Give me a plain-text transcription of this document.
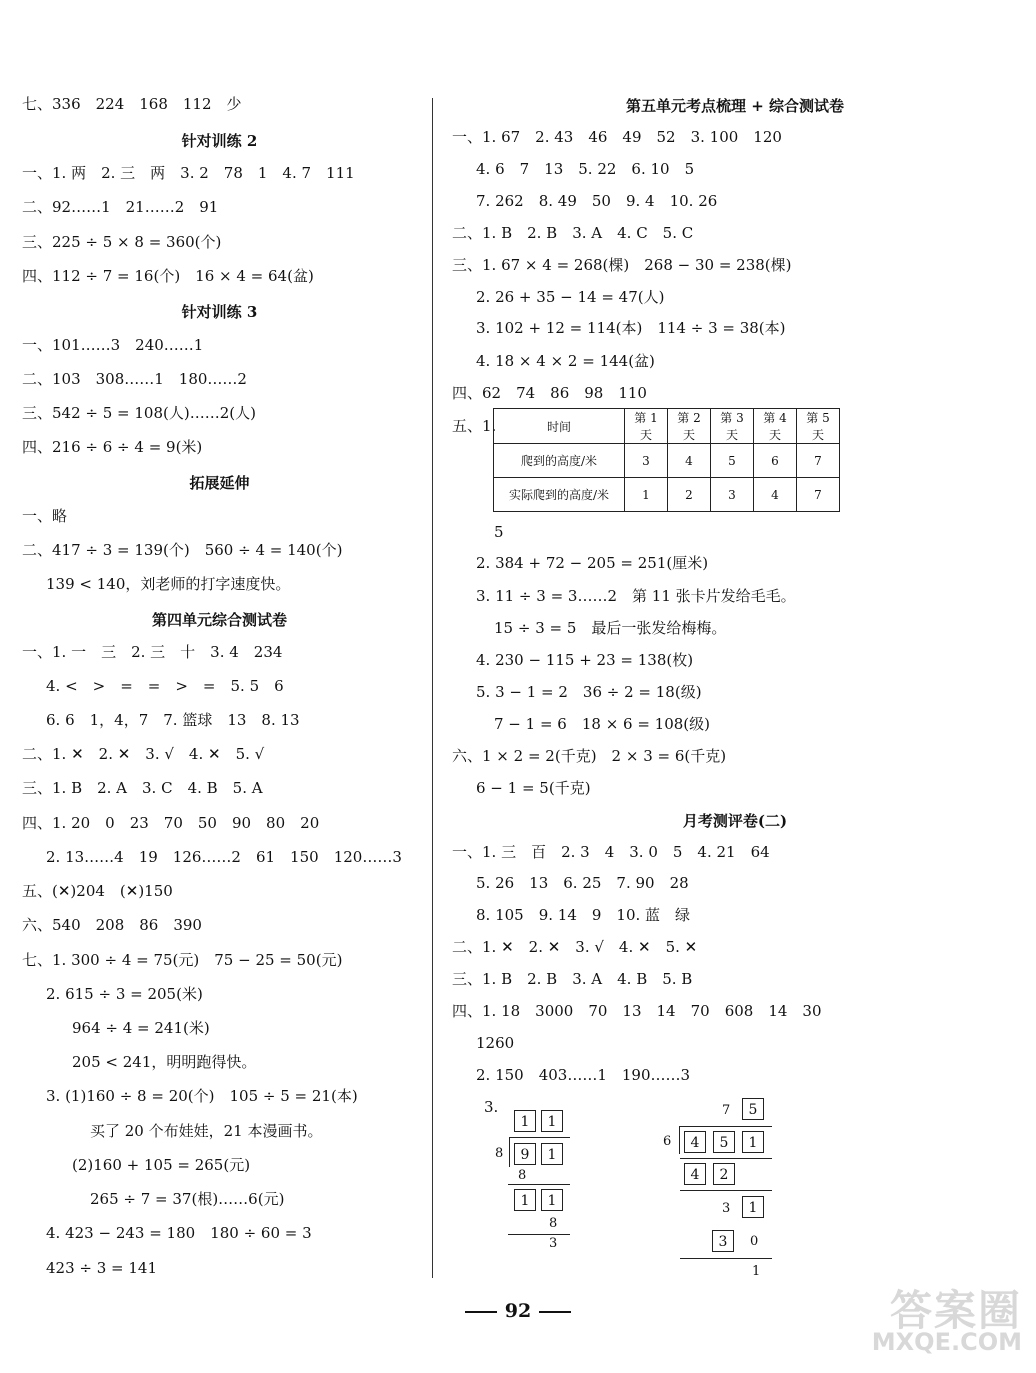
七、336　224　168　112　少
针对训练 2
一、1. 两　2. 三　两　3. 2　78　1　4. 7　111
二、92……1　21……2　91
三、225 ÷ 5 × 8 = 360(个)
四、112 ÷ 7 = 16(个)　16 × 4 = 64(盆)
针对训练 3
一、101……3　240……1
二、103　308……1　180……2
三、542 ÷ 5 = 108(人)……2(人)
四、216 ÷ 6 ÷ 4 = 9(米)
拓展延伸
一、略
二、417 ÷ 3 = 139(个)　560 ÷ 4 = 140(个)
139 < 140，刘老师的打字速度快。
第四单元综合测试卷
一、1. 一　三　2. 三　十　3. 4　234
4. <　>　=　=　>　=　5. 5　6
6. 6　1，4，7　7. 篮球　13　8. 13
二、1. ✕　2. ✕　3. √　4. ✕　5. √
三、1. B　2. A　3. C　4. B　5. A
四、1. 20　0　23　70　50　90　80　20
2. 13……4　19　126……2　61　150　120……3
五、(✕)204　(✕)150
六、540　208　86　390
七、1. 300 ÷ 4 = 75(元)　75 − 25 = 50(元)
2. 615 ÷ 3 = 205(米)
964 ÷ 4 = 241(米)
205 < 241，明明跑得快。
3. (1)160 ÷ 8 = 20(个)　105 ÷ 5 = 21(本)
买了 20 个布娃娃，21 本漫画书。
(2)160 + 105 = 265(元)
265 ÷ 7 = 37(根)……6(元)
4. 423 − 243 = 180　180 ÷ 60 = 3
423 ÷ 3 = 141
第五单元考点梳理 + 综合测试卷
一、1. 67　2. 43　46　49　52　3. 100　120
4. 6　7　13　5. 22　6. 10　5
7. 262　8. 49　50　9. 4　10. 26
二、1. B　2. B　3. A　4. C　5. C
三、1. 67 × 4 = 268(棵)　268 − 30 = 238(棵)
2. 26 + 35 − 14 = 47(人)
3. 102 + 12 = 114(本)　114 ÷ 3 = 38(本)
4. 18 × 4 × 2 = 144(盆)
四、62　74　86　98　110
五、1.	时间	第 1 天	第 2 天	第 3 天	第 4 天	第 5 天
爬到的高度/米	3	4	5	6	7
实际爬到的高度/米	1	2	3	4	7
5
2. 384 + 72 − 205 = 251(厘米)
3. 11 ÷ 3 = 3……2　第 11 张卡片发给毛毛。
15 ÷ 3 = 5　最后一张发给梅梅。
4. 230 − 115 + 23 = 138(枚)
5. 3 − 1 = 2　36 ÷ 2 = 18(级)
7 − 1 = 6　18 × 6 = 108(级)
六、1 × 2 = 2(千克)　2 × 3 = 6(千克)
6 − 1 = 5(千克)
月考测评卷(二)
一、1. 三　百　2. 3　4　3. 0　5　4. 21　64
5. 26　13　6. 25　7. 90　28
8. 105　9. 14　9　10. 蓝　绿
二、1. ✕　2. ✕　3. √　4. ✕　5. ✕
三、1. B　2. B　3. A　4. B　5. B
四、1. 18　3000　70　13　14　70　608　14　30
1260
2. 150　403……1　190……3
3.
1	1
8	9	1
8
1	1
8
3
7	5
6	4	5	1
4	2
3	1
3	0
1
92	答案圈
MXQE.COM
